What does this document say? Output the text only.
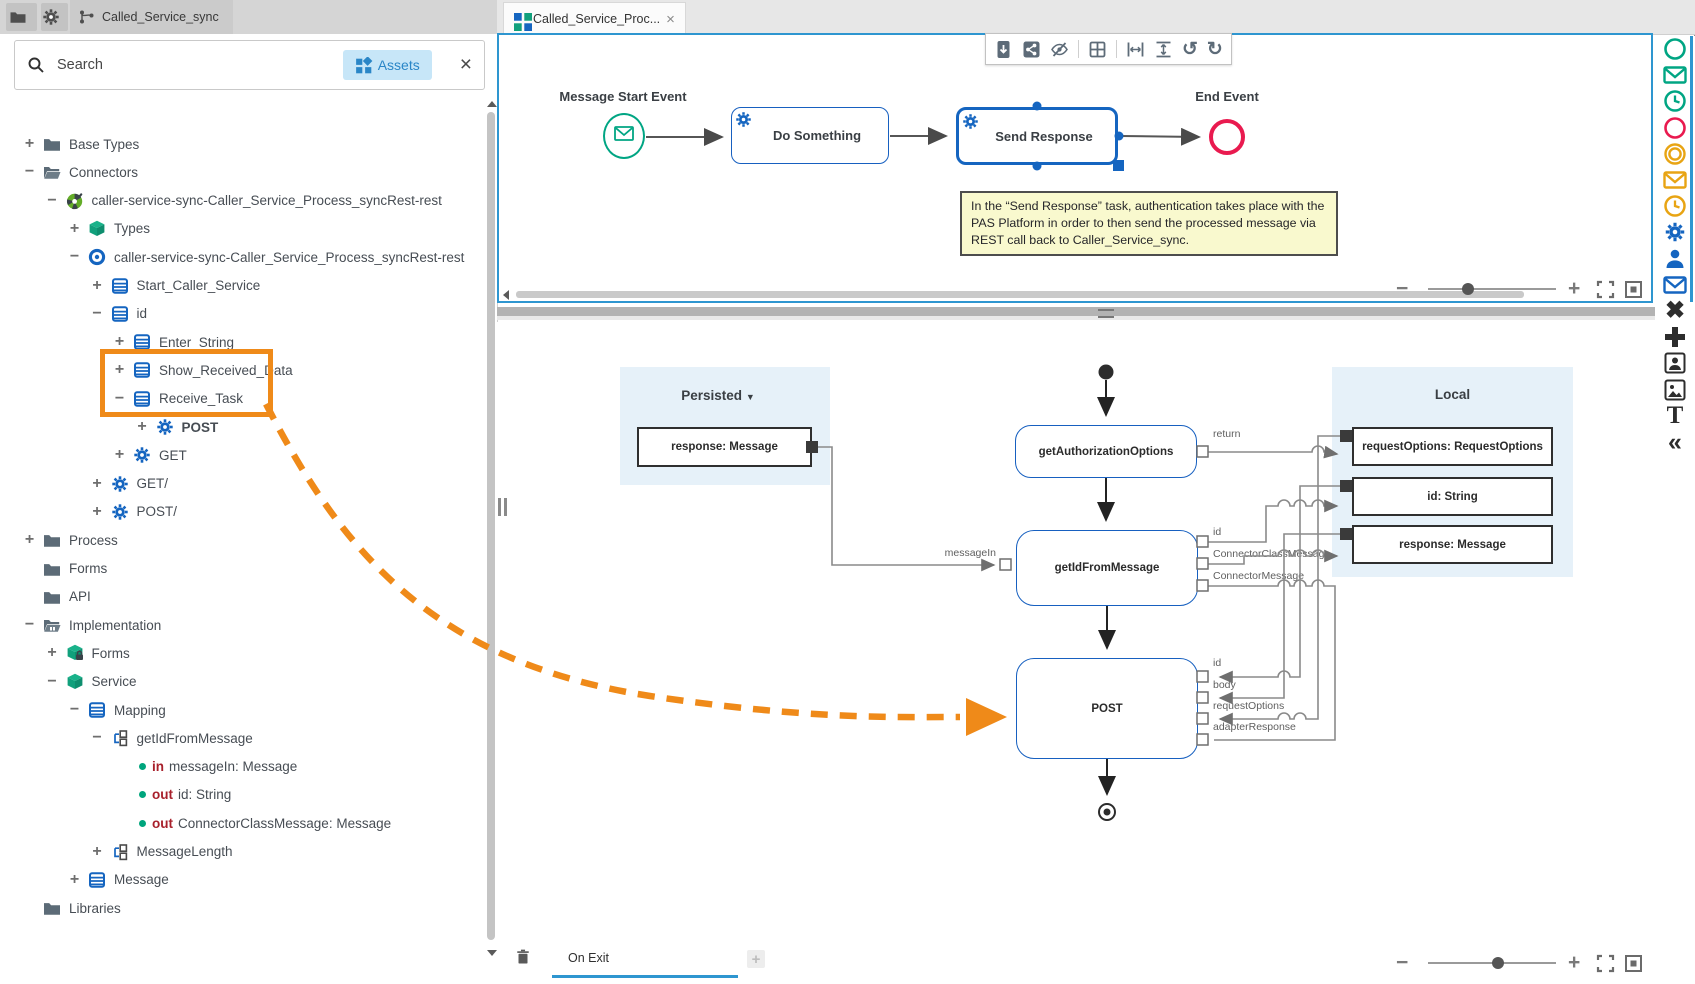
Called_Service_sync	Called_Service_Proc... ×
Search	Assets ×
+	Base Types
−	Connectors
−	caller-service-sync-Caller_Service_Process_syncRest-rest
+	Types
−	caller-service-sync-Caller_Service_Process_syncRest-rest
+	Start_Caller_Service
−	id
+	Enter_String
+	Show_Received_Data
−	Receive_Task
+	POST
+	GET
+	GET/
+	POST/
+	Process
Forms
API
−	Implementation
+	Forms
−	Service
−	Mapping
−	getIdFromMessage
in messageIn: Message
out id: String
out ConnectorClassMessage: Message
+	MessageLength
+	Message
Libraries
↺ ↻
Message Start Event
Do Something	Send Response
End Event
In the “Send Response” task, authentication takes place with the PAS Platform in order to then send the processed message via REST call back to Caller_Service_sync.
−	+
Persisted ▼
response: Message
Local
requestOptions: RequestOptions
id: String
response: Message
getAuthorizationOptions
getIdFromMessage
POST
messageIn
return
id
ConnectorClassMessage
ConnectorMessage
id
body
requestOptions
adapterResponse
On Exit	+	−	+
✖
T
«
